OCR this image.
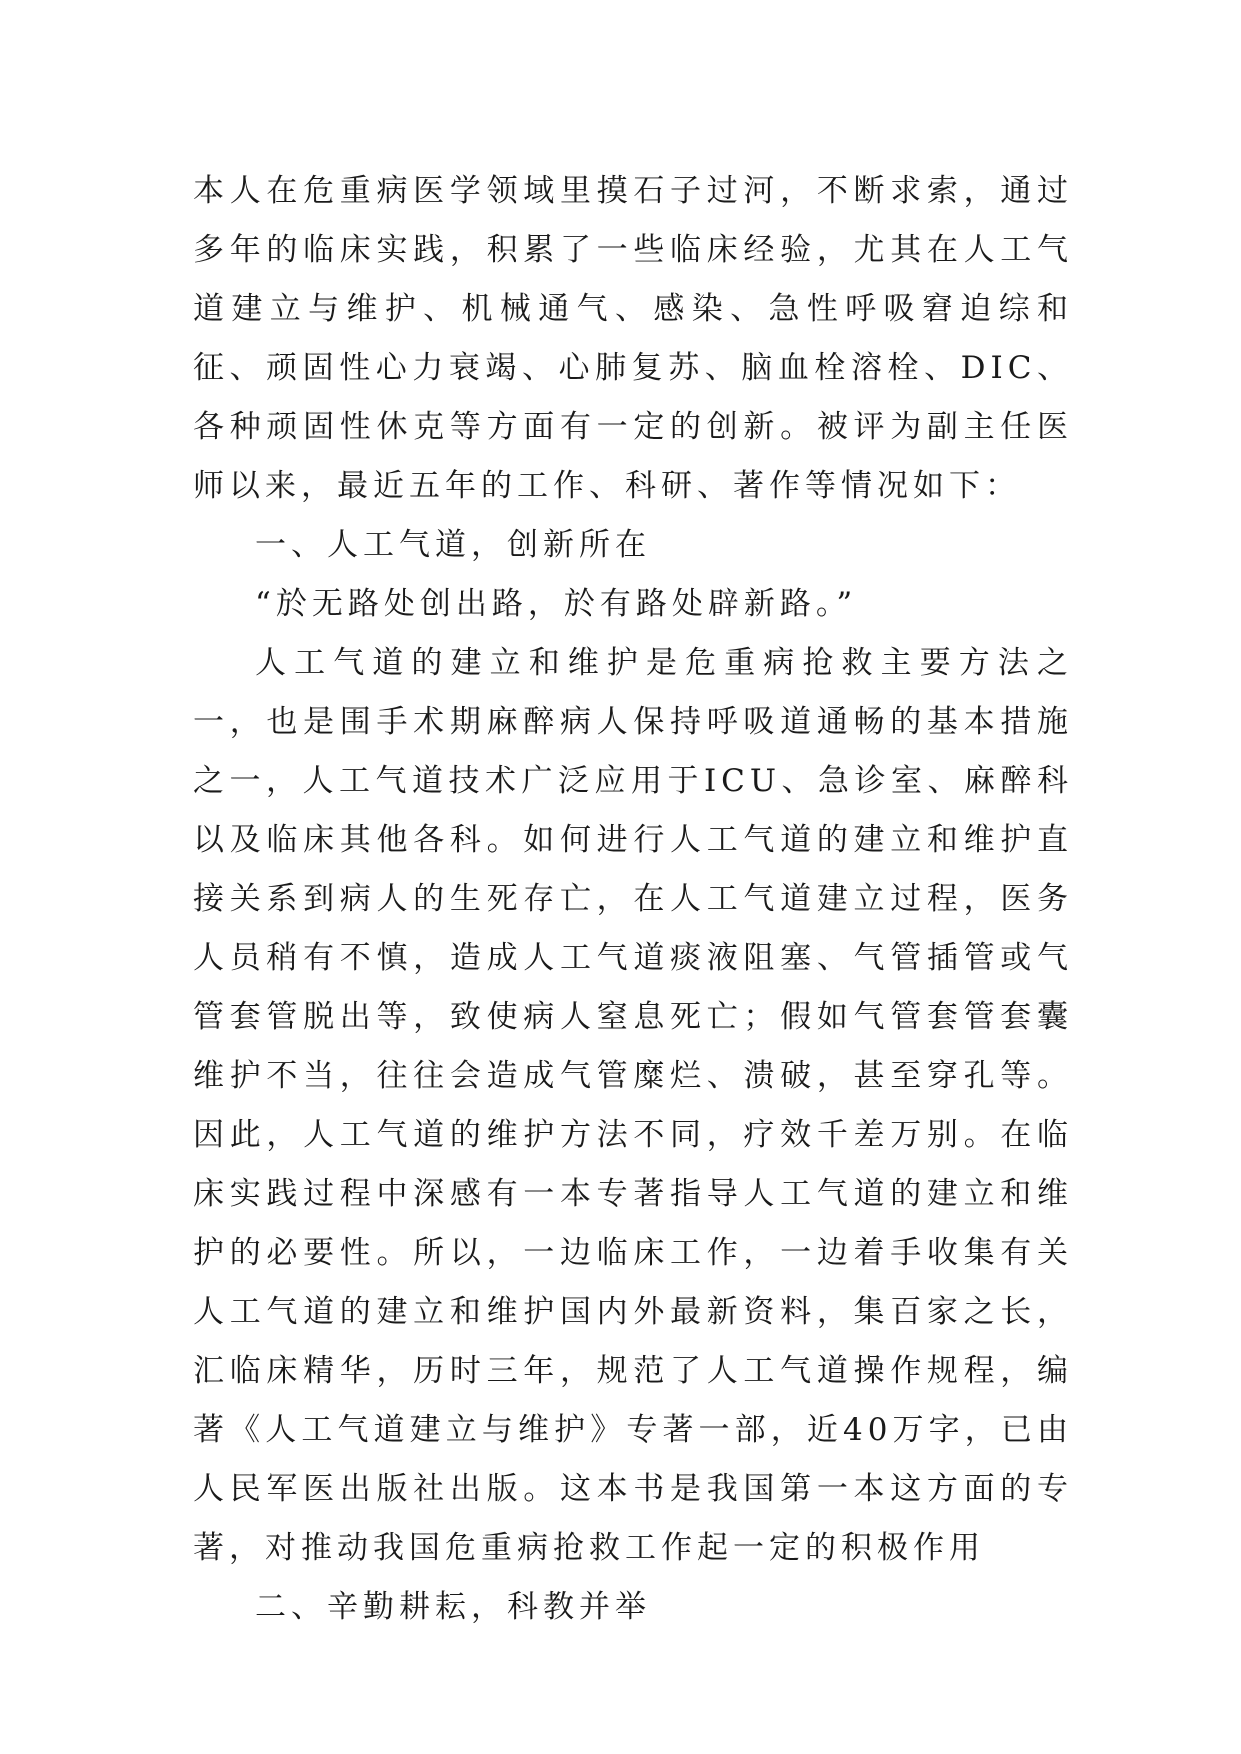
本人在危重病医学领域里摸石子过河，不断求索，通过多年的临床实践，积累了一些临床经验，尤其在人工气道建立与维护、机械通气、感染、急性呼吸窘迫综和征、顽固性心力衰竭、心肺复苏、脑血栓溶栓、DIC、各种顽固性休克等方面有一定的创新。被评为副主任医师以来，最近五年的工作、科研、著作等情况如下：

一、人工气道，创新所在

“於无路处创出路，於有路处辟新路。”

人工气道的建立和维护是危重病抢救主要方法之一，也是围手术期麻醉病人保持呼吸道通畅的基本措施之一，人工气道技术广泛应用于ICU、急诊室、麻醉科以及临床其他各科。如何进行人工气道的建立和维护直接关系到病人的生死存亡，在人工气道建立过程，医务人员稍有不慎，造成人工气道痰液阻塞、气管插管或气管套管脱出等，致使病人窒息死亡；假如气管套管套囊维护不当，往往会造成气管糜烂、溃破，甚至穿孔等。因此，人工气道的维护方法不同，疗效千差万别。在临床实践过程中深感有一本专著指导人工气道的建立和维护的必要性。所以，一边临床工作，一边着手收集有关人工气道的建立和维护国内外最新资料，集百家之长，汇临床精华，历时三年，规范了人工气道操作规程，编著《人工气道建立与维护》专著一部，近40万字，已由人民军医出版社出版。这本书是我国第一本这方面的专著，对推动我国危重病抢救工作起一定的积极作用

二、辛勤耕耘，科教并举
